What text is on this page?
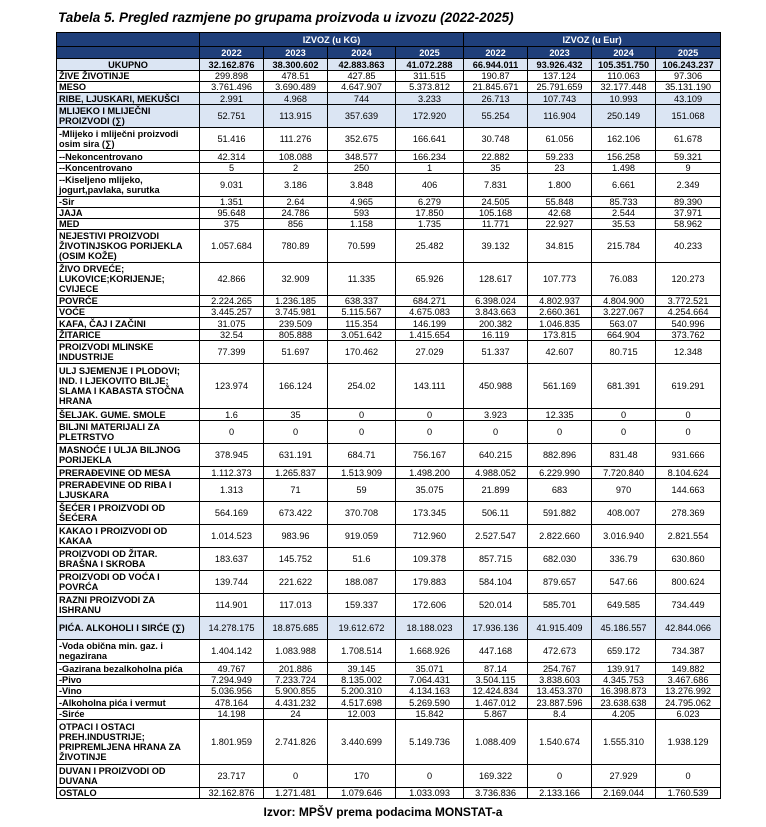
Tabela 5. Pregled razmjene po grupama proizvoda u izvozu (2022-2025)
	IZVOZ (u KG)				IZVOZ (u Eur)			
	2022	2023	2024	2025	2022	2023	2024	2025
UKUPNO	32.162.876	38.300.602	42.883.863	41.072.288	66.944.011	93.926.432	105.351.750	106.243.237
ŽIVE ŽIVOTINJE	299.898	478.51	427.85	311.515	190.87	137.124	110.063	97.306
MESO	3.761.496	3.690.489	4.647.907	5.373.812	21.845.671	25.791.659	32.177.448	35.131.190
RIBE, LJUSKARI, MEKUŠCI	2.991	4.968	744	3.233	26.713	107.743	10.993	43.109
MLIJEKO I MLIJEČNI PROIZVODI (∑)	52.751	113.915	357.639	172.920	55.254	116.904	250.149	151.068
-Mlijeko i mliječni proizvodi osim sira (∑)	51.416	111.276	352.675	166.641	30.748	61.056	162.106	61.678
--Nekoncentrovano	42.314	108.088	348.577	166.234	22.882	59.233	156.258	59.321
--Koncentrovano	5	2	250	1	35	23	1.498	9
--Kiseljeno mlijeko, jogurt,pavlaka, surutka	9.031	3.186	3.848	406	7.831	1.800	6.661	2.349
-Sir	1.351	2.64	4.965	6.279	24.505	55.848	85.733	89.390
JAJA	95.648	24.786	593	17.850	105.168	42.68	2.544	37.971
MED	375	856	1.158	1.735	11.771	22.927	35.53	58.962
NEJESTIVI PROIZVODI ŽIVOTINJSKOG PORIJEKLA (OSIM KOŽE)	1.057.684	780.89	70.599	25.482	39.132	34.815	215.784	40.233
ŽIVO DRVEĆE; LUKOVICE;KORIJENJE; CVIJECE	42.866	32.909	11.335	65.926	128.617	107.773	76.083	120.273
POVRĆE	2.224.265	1.236.185	638.337	684.271	6.398.024	4.802.937	4.804.900	3.772.521
VOĆE	3.445.257	3.745.981	5.115.567	4.675.083	3.843.663	2.660.361	3.227.067	4.254.664
KAFA, ČAJ I ZAČINI	31.075	239.509	115.354	146.199	200.382	1.046.835	563.07	540.996
ŽITARICE	32.54	805.888	3.051.642	1.415.654	16.119	173.815	664.904	373.762
PROIZVODI MLINSKE INDUSTRIJE	77.399	51.697	170.462	27.029	51.337	42.607	80.715	12.348
ULJ SJEMENJE I PLODOVI; IND. I LJEKOVITO BILJE; SLAMA I KABASTA STOČNA HRANA	123.974	166.124	254.02	143.111	450.988	561.169	681.391	619.291
ŠELJAK. GUME. SMOLE	1.6	35	0	0	3.923	12.335	0	0
BILJNI MATERIJALI ZA PLETRSTVO	0	0	0	0	0	0	0	0
MASNOĆE I ULJA BILJNOG PORIJEKLA	378.945	631.191	684.71	756.167	640.215	882.896	831.48	931.666
PRERAĐEVINE OD MESA	1.112.373	1.265.837	1.513.909	1.498.200	4.988.052	6.229.990	7.720.840	8.104.624
PRERAĐEVINE OD RIBA I LJUSKARA	1.313	71	59	35.075	21.899	683	970	144.663
ŠEĆER I PROIZVODI OD ŠEĆERA	564.169	673.422	370.708	173.345	506.11	591.882	408.007	278.369
KAKAO I PROIZVODI OD KAKAA	1.014.523	983.96	919.059	712.960	2.527.547	2.822.660	3.016.940	2.821.554
PROIZVODI OD ŽITAR. BRAŠNA I SKROBA	183.637	145.752	51.6	109.378	857.715	682.030	336.79	630.860
PROIZVODI OD VOĆA I POVRĆA	139.744	221.622	188.087	179.883	584.104	879.657	547.66	800.624
RAZNI PROIZVODI ZA ISHRANU	114.901	117.013	159.337	172.606	520.014	585.701	649.585	734.449
PIĆA. ALKOHOLI I SIRĆE (∑)	14.278.175	18.875.685	19.612.672	18.188.023	17.936.136	41.915.409	45.186.557	42.844.066
-Voda obična min. gaz. i negazirana	1.404.142	1.083.988	1.708.514	1.668.926	447.168	472.673	659.172	734.387
-Gazirana bezalkoholna pića	49.767	201.886	39.145	35.071	87.14	254.767	139.917	149.882
-Pivo	7.294.949	7.233.724	8.135.002	7.064.431	3.504.115	3.838.603	4.345.753	3.467.686
-Vino	5.036.956	5.900.855	5.200.310	4.134.163	12.424.834	13.453.370	16.398.873	13.276.992
-Alkoholna pića i vermut	478.164	4.431.232	4.517.698	5.269.590	1.467.012	23.887.596	23.638.638	24.795.062
-Sirće	14.198	24	12.003	15.842	5.867	8.4	4.205	6.023
OTPACI I OSTACI PREH.INDUSTRIJE; PRIPREMLJENA HRANA ZA ŽIVOTINJE	1.801.959	2.741.826	3.440.699	5.149.736	1.088.409	1.540.674	1.555.310	1.938.129
DUVAN I PROIZVODI OD DUVANA	23.717	0	170	0	169.322	0	27.929	0
OSTALO	32.162.876	1.271.481	1.079.646	1.033.093	3.736.836	2.133.166	2.169.044	1.760.539
Izvor: MPŠV prema podacima MONSTAT-a
